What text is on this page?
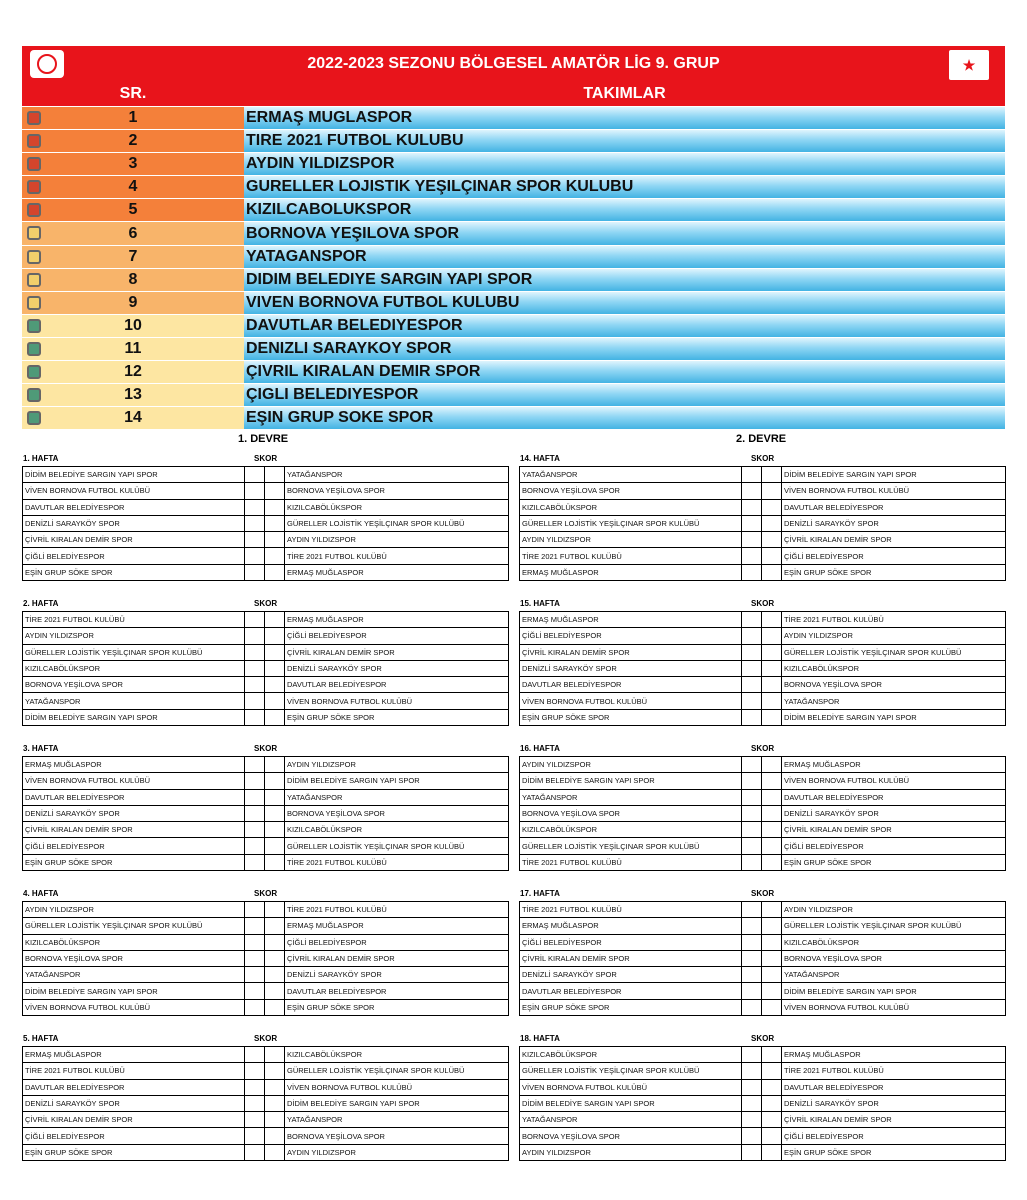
2022-2023 SEZONU BÖLGESEL AMATÖR LİG 9. GRUP	★
SR.	TAKIMLAR
1	ERMAŞ MUGLASPOR
2	TIRE 2021 FUTBOL KULUBU
3	AYDIN YILDIZSPOR
4	GURELLER LOJISTIK YEŞILÇINAR SPOR KULUBU
5	KIZILCABOLUKSPOR
6	BORNOVA YEŞILOVA SPOR
7	YATAGANSPOR
8	DIDIM BELEDIYE SARGIN YAPI SPOR
9	VIVEN BORNOVA FUTBOL KULUBU
10	DAVUTLAR BELEDIYESPOR
11	DENIZLI SARAYKOY SPOR
12	ÇIVRIL KIRALAN DEMIR SPOR
13	ÇIGLI BELEDIYESPOR
14	EŞIN GRUP SOKE SPOR
1. DEVRE	2. DEVRE
1. HAFTA	SKOR
DİDİM BELEDİYE SARGIN YAPI SPOR			YATAĞANSPOR
VİVEN BORNOVA FUTBOL KULÜBÜ			BORNOVA YEŞİLOVA SPOR
DAVUTLAR BELEDİYESPOR			KIZILCABÖLÜKSPOR
DENİZLİ SARAYKÖY SPOR			GÜRELLER LOJİSTİK YEŞİLÇINAR SPOR KULÜBÜ
ÇİVRİL KIRALAN DEMİR SPOR			AYDIN YILDIZSPOR
ÇİĞLİ BELEDİYESPOR			TİRE 2021 FUTBOL KULÜBÜ
EŞİN GRUP SÖKE SPOR			ERMAŞ MUĞLASPOR
14. HAFTA	SKOR
YATAĞANSPOR			DİDİM BELEDİYE SARGIN YAPI SPOR
BORNOVA YEŞİLOVA SPOR			VİVEN BORNOVA FUTBOL KULÜBÜ
KIZILCABÖLÜKSPOR			DAVUTLAR BELEDİYESPOR
GÜRELLER LOJİSTİK YEŞİLÇINAR SPOR KULÜBÜ			DENİZLİ SARAYKÖY SPOR
AYDIN YILDIZSPOR			ÇİVRİL KIRALAN DEMİR SPOR
TİRE 2021 FUTBOL KULÜBÜ			ÇİĞLİ BELEDİYESPOR
ERMAŞ MUĞLASPOR			EŞİN GRUP SÖKE SPOR
2. HAFTA	SKOR
TİRE 2021 FUTBOL KULÜBÜ			ERMAŞ MUĞLASPOR
AYDIN YILDIZSPOR			ÇİĞLİ BELEDİYESPOR
GÜRELLER LOJİSTİK YEŞİLÇINAR SPOR KULÜBÜ			ÇİVRİL KIRALAN DEMİR SPOR
KIZILCABÖLÜKSPOR			DENİZLİ SARAYKÖY SPOR
BORNOVA YEŞİLOVA SPOR			DAVUTLAR BELEDİYESPOR
YATAĞANSPOR			VİVEN BORNOVA FUTBOL KULÜBÜ
DİDİM BELEDİYE SARGIN YAPI SPOR			EŞİN GRUP SÖKE SPOR
15. HAFTA	SKOR
ERMAŞ MUĞLASPOR			TİRE 2021 FUTBOL KULÜBÜ
ÇİĞLİ BELEDİYESPOR			AYDIN YILDIZSPOR
ÇİVRİL KIRALAN DEMİR SPOR			GÜRELLER LOJİSTİK YEŞİLÇINAR SPOR KULÜBÜ
DENİZLİ SARAYKÖY SPOR			KIZILCABÖLÜKSPOR
DAVUTLAR BELEDİYESPOR			BORNOVA YEŞİLOVA SPOR
VİVEN BORNOVA FUTBOL KULÜBÜ			YATAĞANSPOR
EŞİN GRUP SÖKE SPOR			DİDİM BELEDİYE SARGIN YAPI SPOR
3. HAFTA	SKOR
ERMAŞ MUĞLASPOR			AYDIN YILDIZSPOR
VİVEN BORNOVA FUTBOL KULÜBÜ			DİDİM BELEDİYE SARGIN YAPI SPOR
DAVUTLAR BELEDİYESPOR			YATAĞANSPOR
DENİZLİ SARAYKÖY SPOR			BORNOVA YEŞİLOVA SPOR
ÇİVRİL KIRALAN DEMİR SPOR			KIZILCABÖLÜKSPOR
ÇİĞLİ BELEDİYESPOR			GÜRELLER LOJİSTİK YEŞİLÇINAR SPOR KULÜBÜ
EŞİN GRUP SÖKE SPOR			TİRE 2021 FUTBOL KULÜBÜ
16. HAFTA	SKOR
AYDIN YILDIZSPOR			ERMAŞ MUĞLASPOR
DİDİM BELEDİYE SARGIN YAPI SPOR			VİVEN BORNOVA FUTBOL KULÜBÜ
YATAĞANSPOR			DAVUTLAR BELEDİYESPOR
BORNOVA YEŞİLOVA SPOR			DENİZLİ SARAYKÖY SPOR
KIZILCABÖLÜKSPOR			ÇİVRİL KIRALAN DEMİR SPOR
GÜRELLER LOJİSTİK YEŞİLÇINAR SPOR KULÜBÜ			ÇİĞLİ BELEDİYESPOR
TİRE 2021 FUTBOL KULÜBÜ			EŞİN GRUP SÖKE SPOR
4. HAFTA	SKOR
AYDIN YILDIZSPOR			TİRE 2021 FUTBOL KULÜBÜ
GÜRELLER LOJİSTİK YEŞİLÇINAR SPOR KULÜBÜ			ERMAŞ MUĞLASPOR
KIZILCABÖLÜKSPOR			ÇİĞLİ BELEDİYESPOR
BORNOVA YEŞİLOVA SPOR			ÇİVRİL KIRALAN DEMİR SPOR
YATAĞANSPOR			DENİZLİ SARAYKÖY SPOR
DİDİM BELEDİYE SARGIN YAPI SPOR			DAVUTLAR BELEDİYESPOR
VİVEN BORNOVA FUTBOL KULÜBÜ			EŞİN GRUP SÖKE SPOR
17. HAFTA	SKOR
TİRE 2021 FUTBOL KULÜBÜ			AYDIN YILDIZSPOR
ERMAŞ MUĞLASPOR			GÜRELLER LOJİSTİK YEŞİLÇINAR SPOR KULÜBÜ
ÇİĞLİ BELEDİYESPOR			KIZILCABÖLÜKSPOR
ÇİVRİL KIRALAN DEMİR SPOR			BORNOVA YEŞİLOVA SPOR
DENİZLİ SARAYKÖY SPOR			YATAĞANSPOR
DAVUTLAR BELEDİYESPOR			DİDİM BELEDİYE SARGIN YAPI SPOR
EŞİN GRUP SÖKE SPOR			VİVEN BORNOVA FUTBOL KULÜBÜ
5. HAFTA	SKOR
ERMAŞ MUĞLASPOR			KIZILCABÖLÜKSPOR
TİRE 2021 FUTBOL KULÜBÜ			GÜRELLER LOJİSTİK YEŞİLÇINAR SPOR KULÜBÜ
DAVUTLAR BELEDİYESPOR			VİVEN BORNOVA FUTBOL KULÜBÜ
DENİZLİ SARAYKÖY SPOR			DİDİM BELEDİYE SARGIN YAPI SPOR
ÇİVRİL KIRALAN DEMİR SPOR			YATAĞANSPOR
ÇİĞLİ BELEDİYESPOR			BORNOVA YEŞİLOVA SPOR
EŞİN GRUP SÖKE SPOR			AYDIN YILDIZSPOR
18. HAFTA	SKOR
KIZILCABÖLÜKSPOR			ERMAŞ MUĞLASPOR
GÜRELLER LOJİSTİK YEŞİLÇINAR SPOR KULÜBÜ			TİRE 2021 FUTBOL KULÜBÜ
VİVEN BORNOVA FUTBOL KULÜBÜ			DAVUTLAR BELEDİYESPOR
DİDİM BELEDİYE SARGIN YAPI SPOR			DENİZLİ SARAYKÖY SPOR
YATAĞANSPOR			ÇİVRİL KIRALAN DEMİR SPOR
BORNOVA YEŞİLOVA SPOR			ÇİĞLİ BELEDİYESPOR
AYDIN YILDIZSPOR			EŞİN GRUP SÖKE SPOR
